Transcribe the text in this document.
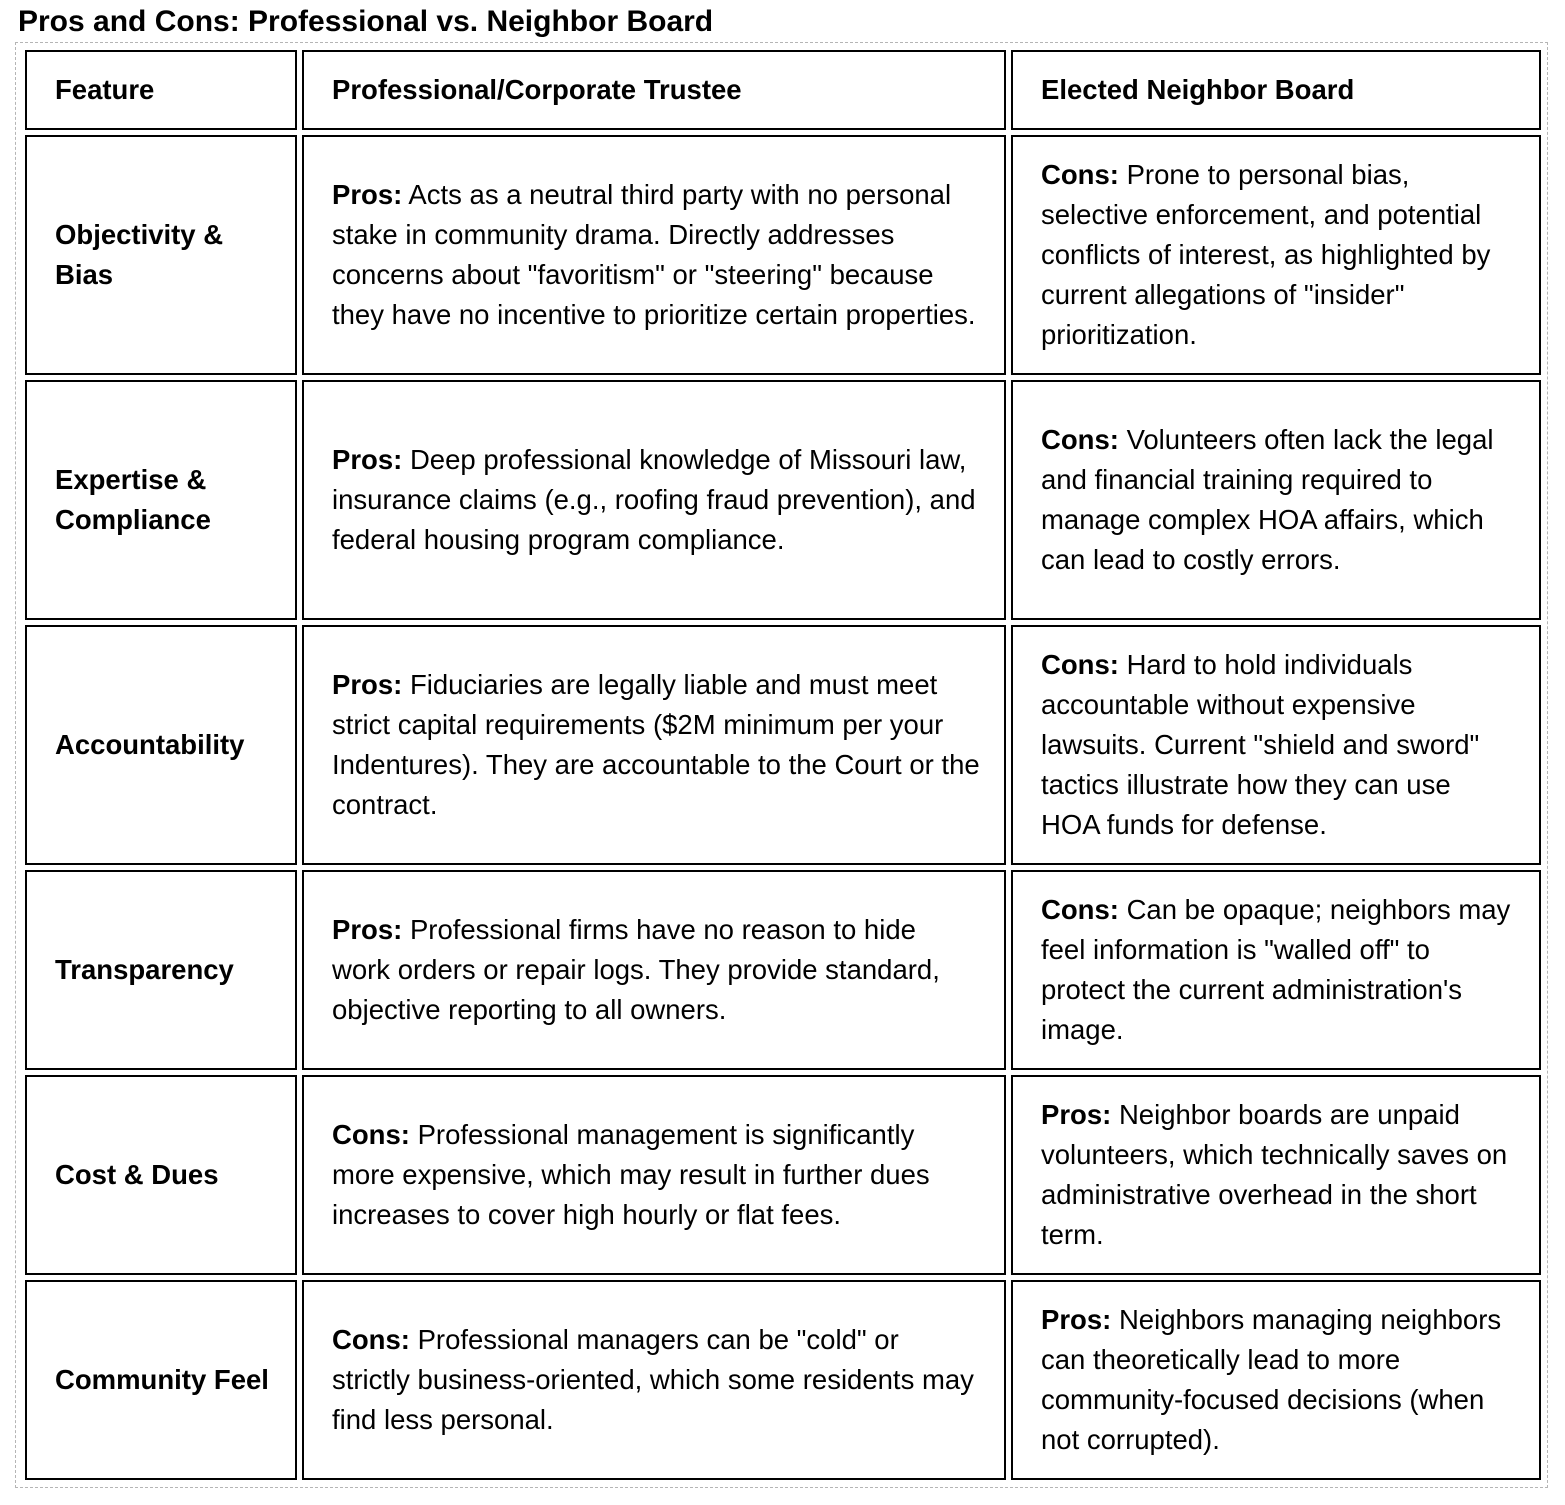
Pros and Cons: Professional vs. Neighbor Board
Feature	Professional/Corporate Trustee	Elected Neighbor Board
Objectivity & Bias	Pros: Acts as a neutral third party with no personal stake in community drama. Directly addresses concerns about "favoritism" or "steering" because they have no incentive to prioritize certain properties.	Cons: Prone to personal bias, selective enforcement, and potential conflicts of interest, as highlighted by current allegations of "insider" prioritization.
Expertise & Compliance	Pros: Deep professional knowledge of Missouri law, insurance claims (e.g., roofing fraud prevention), and federal housing program compliance.	Cons: Volunteers often lack the legal and financial training required to manage complex HOA affairs, which can lead to costly errors.
Accountability	Pros: Fiduciaries are legally liable and must meet strict capital requirements ($2M minimum per your Indentures). They are accountable to the Court or the contract.	Cons: Hard to hold individuals accountable without expensive lawsuits. Current "shield and sword" tactics illustrate how they can use HOA funds for defense.
Transparency	Pros: Professional firms have no reason to hide work orders or repair logs. They provide standard, objective reporting to all owners.	Cons: Can be opaque; neighbors may feel information is "walled off" to protect the current administration's image.
Cost & Dues	Cons: Professional management is significantly more expensive, which may result in further dues increases to cover high hourly or flat fees.	Pros: Neighbor boards are unpaid volunteers, which technically saves on administrative overhead in the short term.
Community Feel	Cons: Professional managers can be "cold" or strictly business-oriented, which some residents may find less personal.	Pros: Neighbors managing neighbors can theoretically lead to more community-focused decisions (when not corrupted).
